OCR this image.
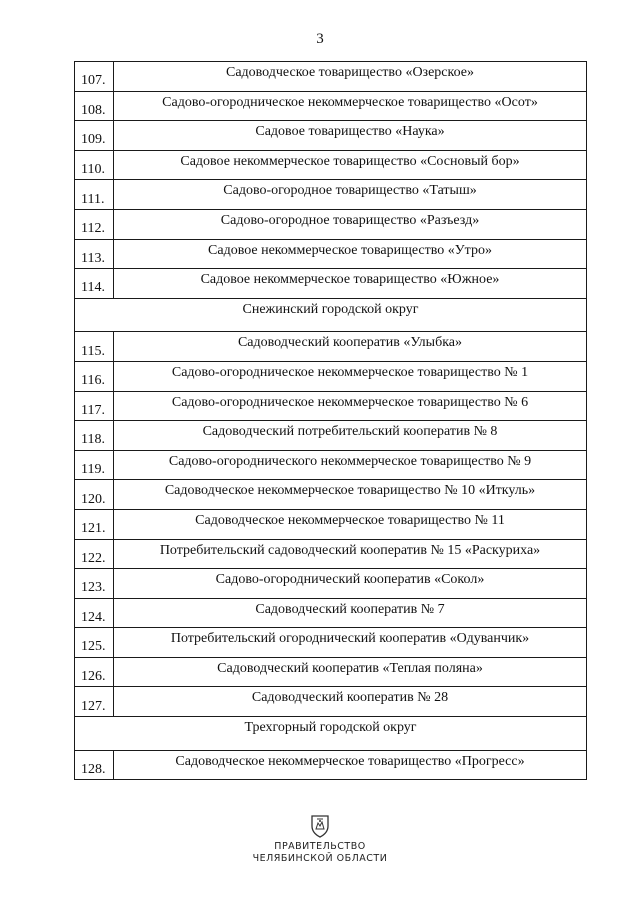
3
107.	Садоводческое товарищество «Озерское»
108.	Садово-огородническое некоммерческое товарищество «Осот»
109.	Садовое товарищество «Наука»
110.	Садовое некоммерческое товарищество «Сосновый бор»
111.	Садово-огородное товарищество «Татыш»
112.	Садово-огородное товарищество «Разъезд»
113.	Садовое некоммерческое товарищество «Утро»
114.	Садовое некоммерческое товарищество «Южное»
Снежинский городской округ	
115.	Садоводческий кооператив «Улыбка»
116.	Садово-огородническое некоммерческое товарищество № 1
117.	Садово-огородническое некоммерческое товарищество № 6
118.	Садоводческий потребительский кооператив № 8
119.	Садово-огороднического некоммерческое товарищество № 9
120.	Садоводческое некоммерческое товарищество № 10 «Иткуль»
121.	Садоводческое некоммерческое товарищество № 11
122.	Потребительский садоводческий кооператив № 15 «Раскуриха»
123.	Садово-огороднический кооператив «Сокол»
124.	Садоводческий кооператив № 7
125.	Потребительский огороднический кооператив «Одуванчик»
126.	Садоводческий кооператив «Теплая поляна»
127.	Садоводческий кооператив № 28
Трехгорный городской округ	
128.	Садоводческое некоммерческое товарищество «Прогресс»
ПРАВИТЕЛЬСТВО
ЧЕЛЯБИНСКОЙ ОБЛАСТИ
